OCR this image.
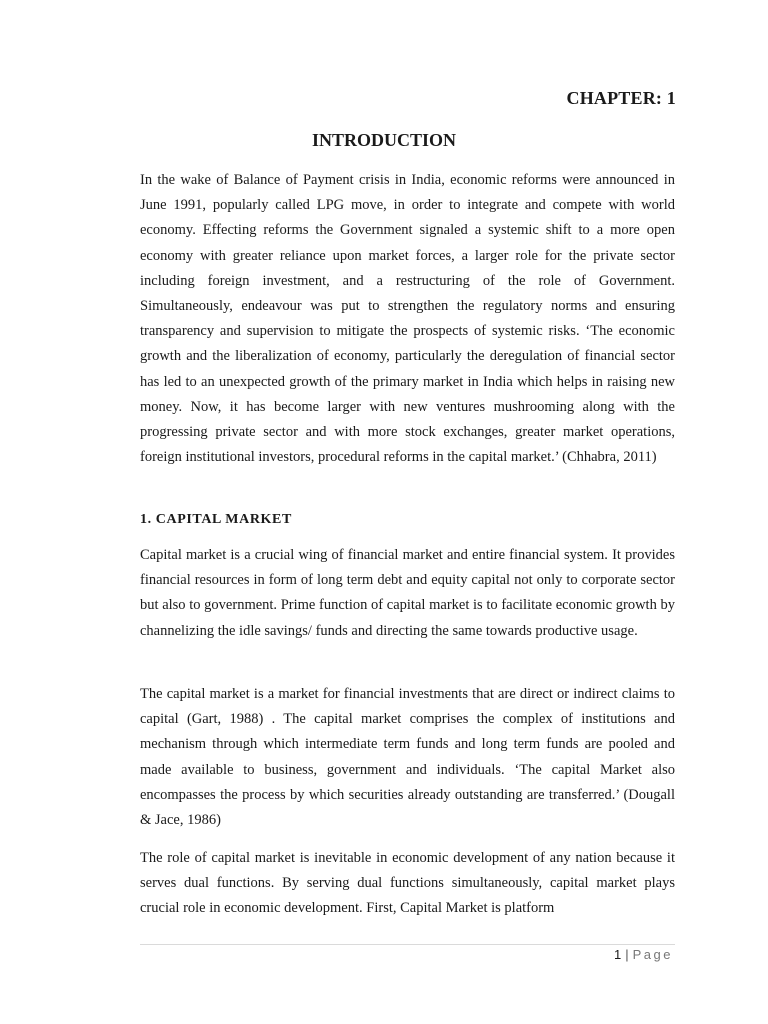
CHAPTER: 1
INTRODUCTION

In the wake of Balance of Payment crisis in India, economic reforms were announced in June 1991, popularly called LPG move, in order to integrate and compete with world economy. Effecting reforms the Government signaled a systemic shift to a more open economy with greater reliance upon market forces, a larger role for the private sector including foreign investment, and a restructuring of the role of Government. Simultaneously, endeavour was put to strengthen the regulatory norms and ensuring transparency and supervision to mitigate the prospects of systemic risks. ‘The economic growth and the liberalization of economy, particularly the deregulation of financial sector has led to an unexpected growth of the primary market in India which helps in raising new money. Now, it has become larger with new ventures mushrooming along with the progressing private sector and with more stock exchanges, greater market operations, foreign institutional investors, procedural reforms in the capital market.’ (Chhabra, 2011)

1. CAPITAL MARKET

Capital market is a crucial wing of financial market and entire financial system. It provides financial resources in form of long term debt and equity capital not only to corporate sector but also to government. Prime function of capital market is to facilitate economic growth by channelizing the idle savings/ funds and directing the same towards productive usage.

The capital market is a market for financial investments that are direct or indirect claims to capital (Gart, 1988) . The capital market comprises the complex of institutions and mechanism through which intermediate term funds and long term funds are pooled and made available to business, government and individuals. ‘The capital Market also encompasses the process by which securities already outstanding are transferred.’ (Dougall & Jace, 1986)

The role of capital market is inevitable in economic development of any nation because it serves dual functions. By serving dual functions simultaneously, capital market plays crucial role in economic development. First, Capital Market is platform

1 | Page
